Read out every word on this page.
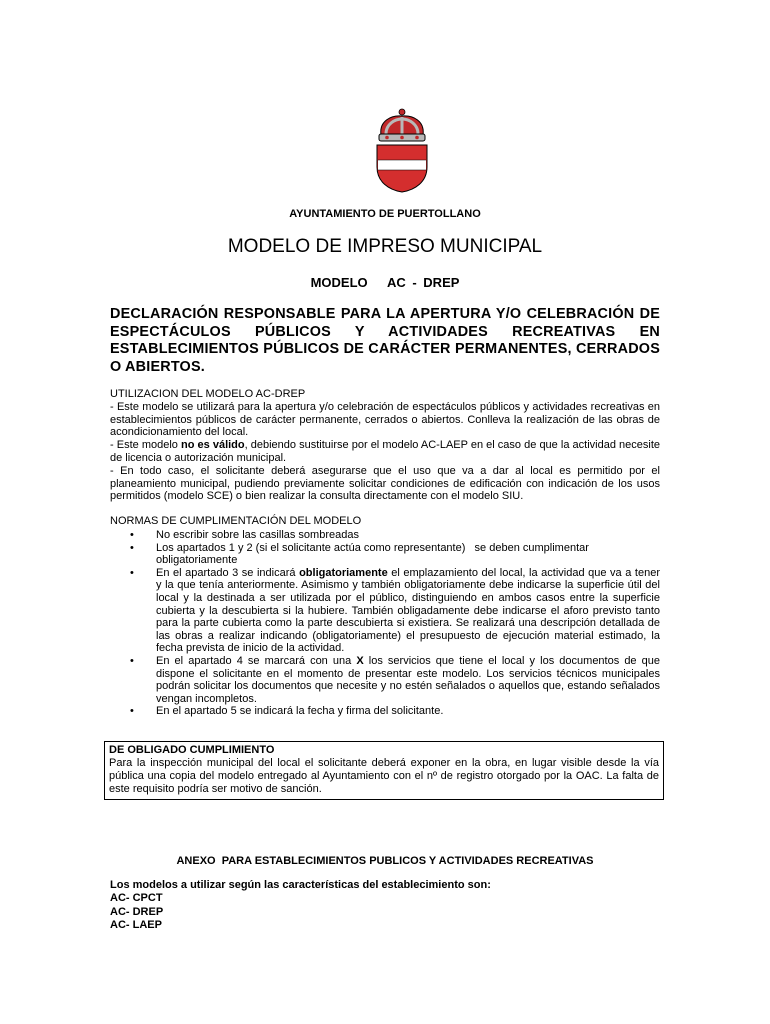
AYUNTAMIENTO DE PUERTOLLANO
MODELO DE IMPRESO MUNICIPAL
MODELO   AC - DREP
DECLARACIÓN RESPONSABLE PARA LA APERTURA Y/O CELEBRACIÓN DE ESPECTÁCULOS PÚBLICOS Y ACTIVIDADES RECREATIVAS EN ESTABLECIMIENTOS PÚBLICOS DE CARÁCTER PERMANENTES, CERRADOS O ABIERTOS.

UTILIZACION DEL MODELO AC-DREP

- Este modelo se utilizará para la apertura y/o celebración de espectáculos públicos y actividades recreativas en establecimientos públicos de carácter permanente, cerrados o abiertos. Conlleva la realización de las obras de acondicionamiento del local.

- Este modelo no es válido, debiendo sustituirse por el modelo AC-LAEP en el caso de que la actividad necesite de licencia o autorización municipal.

- En todo caso, el solicitante deberá asegurarse que el uso que va a dar al local es permitido por el planeamiento municipal, pudiendo previamente solicitar condiciones de edificación con indicación de los usos permitidos (modelo SCE) o bien realizar la consulta directamente con el modelo SIU.

NORMAS DE CUMPLIMENTACIÓN DEL MODELO
• No escribir sobre las casillas sombreadas
• Los apartados 1 y 2 (si el solicitante actúa como representante)   se deben cumplimentar obligatoriamente
• En el apartado 3 se indicará obligatoriamente el emplazamiento del local, la actividad que va a tener y la que tenía anteriormente. Asimismo y también obligatoriamente debe indicarse la superficie útil del local y la destinada a ser utilizada por el público, distinguiendo en ambos casos entre la superficie cubierta y la descubierta si la hubiere. También obligadamente debe indicarse el aforo previsto tanto para la parte cubierta como la parte descubierta si existiera. Se realizará una descripción detallada de las obras a realizar indicando (obligatoriamente) el presupuesto de ejecución material estimado, la fecha prevista de inicio de la actividad.
• En el apartado 4 se marcará con una X los servicios que tiene el local y los documentos de que dispone el solicitante en el momento de presentar este modelo. Los servicios técnicos municipales podrán solicitar los documentos que necesite y no estén señalados o aquellos que, estando señalados vengan incompletos.
• En el apartado 5 se indicará la fecha y firma del solicitante.
DE OBLIGADO CUMPLIMIENTO
Para la inspección municipal del local el solicitante deberá exponer en la obra, en lugar visible desde la vía pública una copia del modelo entregado al Ayuntamiento con el nº de registro otorgado por la OAC. La falta de este requisito podría ser motivo de sanción.
ANEXO  PARA ESTABLECIMIENTOS PUBLICOS Y ACTIVIDADES RECREATIVAS
Los modelos a utilizar según las características del establecimiento son:
AC- CPCT
AC- DREP
AC- LAEP
